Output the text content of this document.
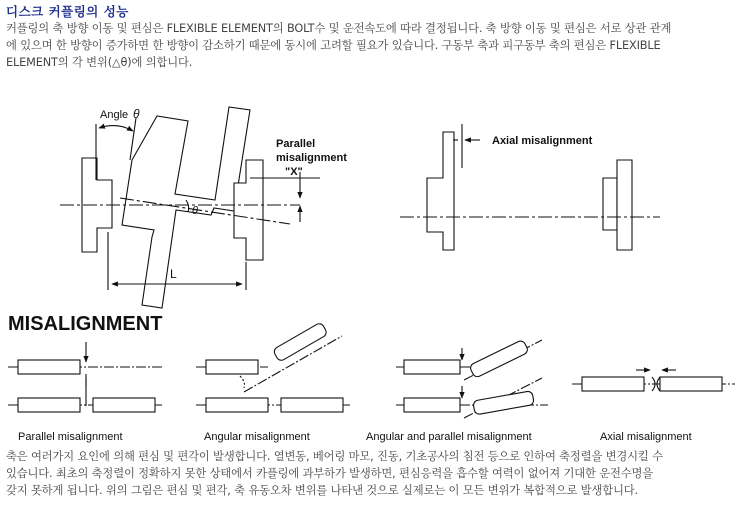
디스크 커플링의 성능
커플링의 축 방향 이동 및 편심은 FLEXIBLE ELEMENT의 BOLT수 및 운전속도에 따라 결정됩니다. 축 방향 이동 및 편심은 서로 상관 관계
에 있으며 한 방향이 증가하면 한 방향이 감소하기 때문에 동시에 고려할 필요가 있습니다. 구동부 축과 피구동부 축의 편심은 FLEXIBLE
ELEMENT의 각 변위(△θ)에 의합니다.
Angle θ
θ
Parallel
misalignment
"X"
L
Axial misalignment
MISALIGNMENT
Parallel misalignment	Angular misalignment	Angular and parallel misalignment	Axial misalignment
축은 여러가지 요인에 의해 편심 및 편각이 발생합니다. 열변동, 베어링 마모, 진동, 기초공사의 침전 등으로 인하여 축정렬을 변경시킬 수
있습니다. 최초의 축정렬이 정확하지 못한 상태에서 카플링에 과부하가 발생하면, 편심응력을 흡수할 여력이 없어져 기대한 운전수명을
갖지 못하게 됩니다. 위의 그림은 편심 및 편각, 축 유동오차 변위를 나타낸 것으로 실제로는 이 모든 변위가 복합적으로 발생합니다.
